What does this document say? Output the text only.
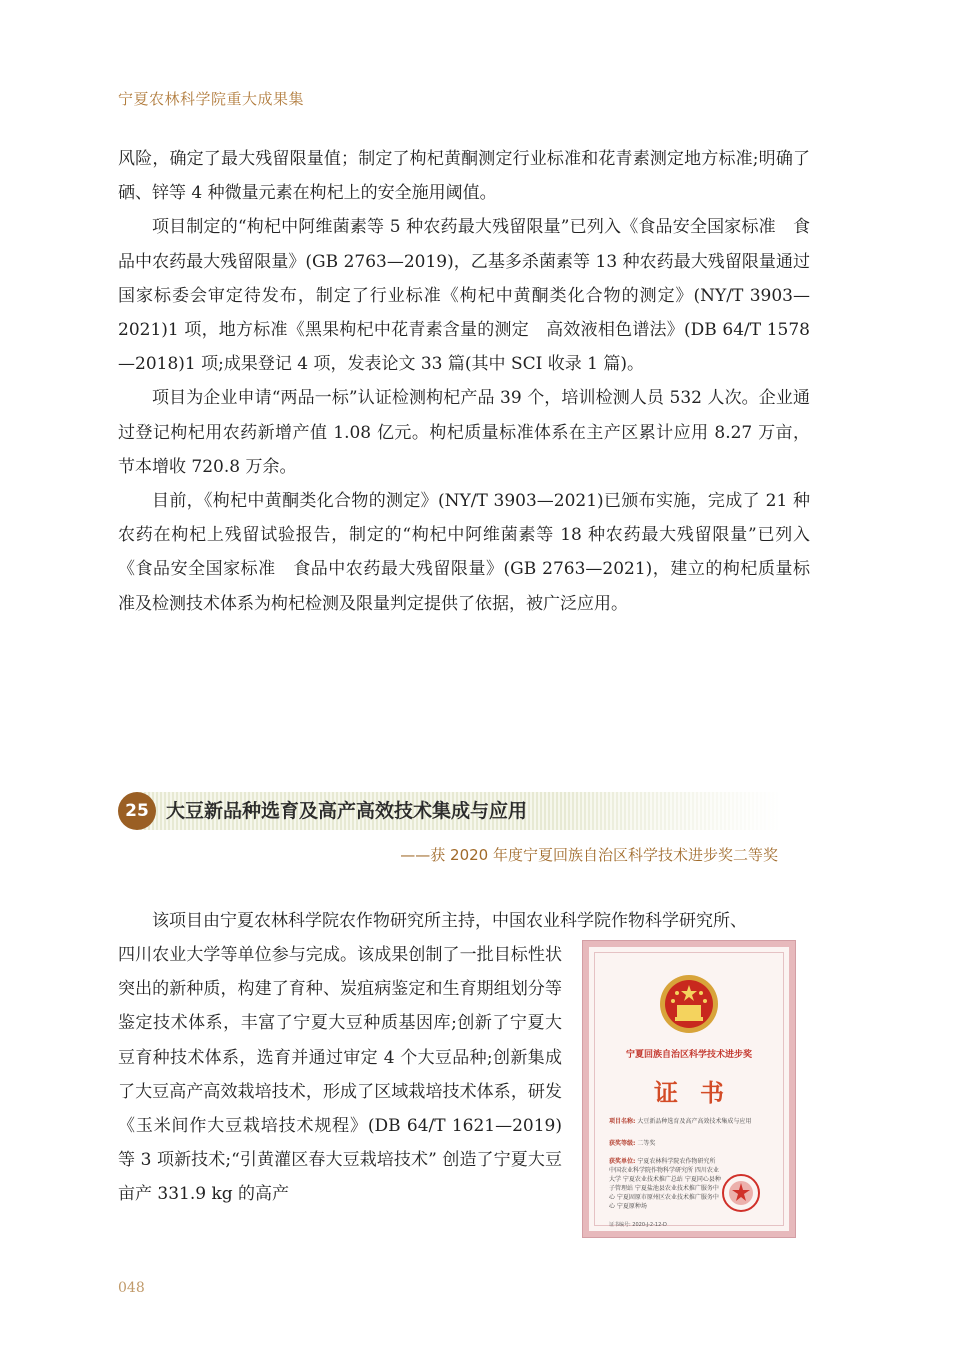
宁夏农林科学院重大成果集

风险，确定了最大残留限量值；制定了枸杞黄酮测定行业标准和花青素测定地方标准;明确了硒、锌等 4 种微量元素在枸杞上的安全施用阈值。

项目制定的“枸杞中阿维菌素等 5 种农药最大残留限量”已列入《食品安全国家标准　食品中农药最大残留限量》(GB 2763—2019)，乙基多杀菌素等 13 种农药最大残留限量通过国家标委会审定待发布，制定了行业标准《枸杞中黄酮类化合物的测定》(NY/T 3903—2021)1 项，地方标准《黑果枸杞中花青素含量的测定　高效液相色谱法》(DB 64/T 1578—2018)1 项;成果登记 4 项，发表论文 33 篇(其中 SCI 收录 1 篇)。

项目为企业申请“两品一标”认证检测枸杞产品 39 个，培训检测人员 532 人次。企业通过登记枸杞用农药新增产值 1.08 亿元。枸杞质量标准体系在主产区累计应用 8.27 万亩，节本增收 720.8 万余。

目前，《枸杞中黄酮类化合物的测定》(NY/T 3903—2021)已颁布实施，完成了 21 种农药在枸杞上残留试验报告，制定的“枸杞中阿维菌素等 18 种农药最大残留限量”已列入《食品安全国家标准　食品中农药最大残留限量》(GB 2763—2021)，建立的枸杞质量标准及检测技术体系为枸杞检测及限量判定提供了依据，被广泛应用。

25 大豆新品种选育及高产高效技术集成与应用
——获 2020 年度宁夏回族自治区科学技术进步奖二等奖

该项目由宁夏农林科学院农作物研究所主持，中国农业科学院作物科学研究所、

四川农业大学等单位参与完成。该成果创制了一批目标性状突出的新种质，构建了育种、炭疽病鉴定和生育期组划分等鉴定技术体系，丰富了宁夏大豆种质基因库;创新了宁夏大豆育种技术体系，选育并通过审定 4 个大豆品种;创新集成了大豆高产高效栽培技术，形成了区域栽培技术体系，研发《玉米间作大豆栽培技术规程》(DB 64/T 1621—2019)等 3 项新技术;“引黄灌区春大豆栽培技术” 创造了宁夏大豆亩产 331.9 kg 的高产

宁夏回族自治区科学技术进步奖
证书
项目名称: 大豆新品种选育及高产高效技术集成与应用
获奖等级: 二等奖
获奖单位: 宁夏农林科学院农作物研究所 中国农业科学院作物科学研究所 四川农业大学 宁夏农业技术推广总站 宁夏同心县种子管理站 宁夏盐池县农业技术推广服务中心 宁夏固原市原州区农业技术推广服务中心 宁夏原种场
证书编号: 2020-J-2-12-D
048
